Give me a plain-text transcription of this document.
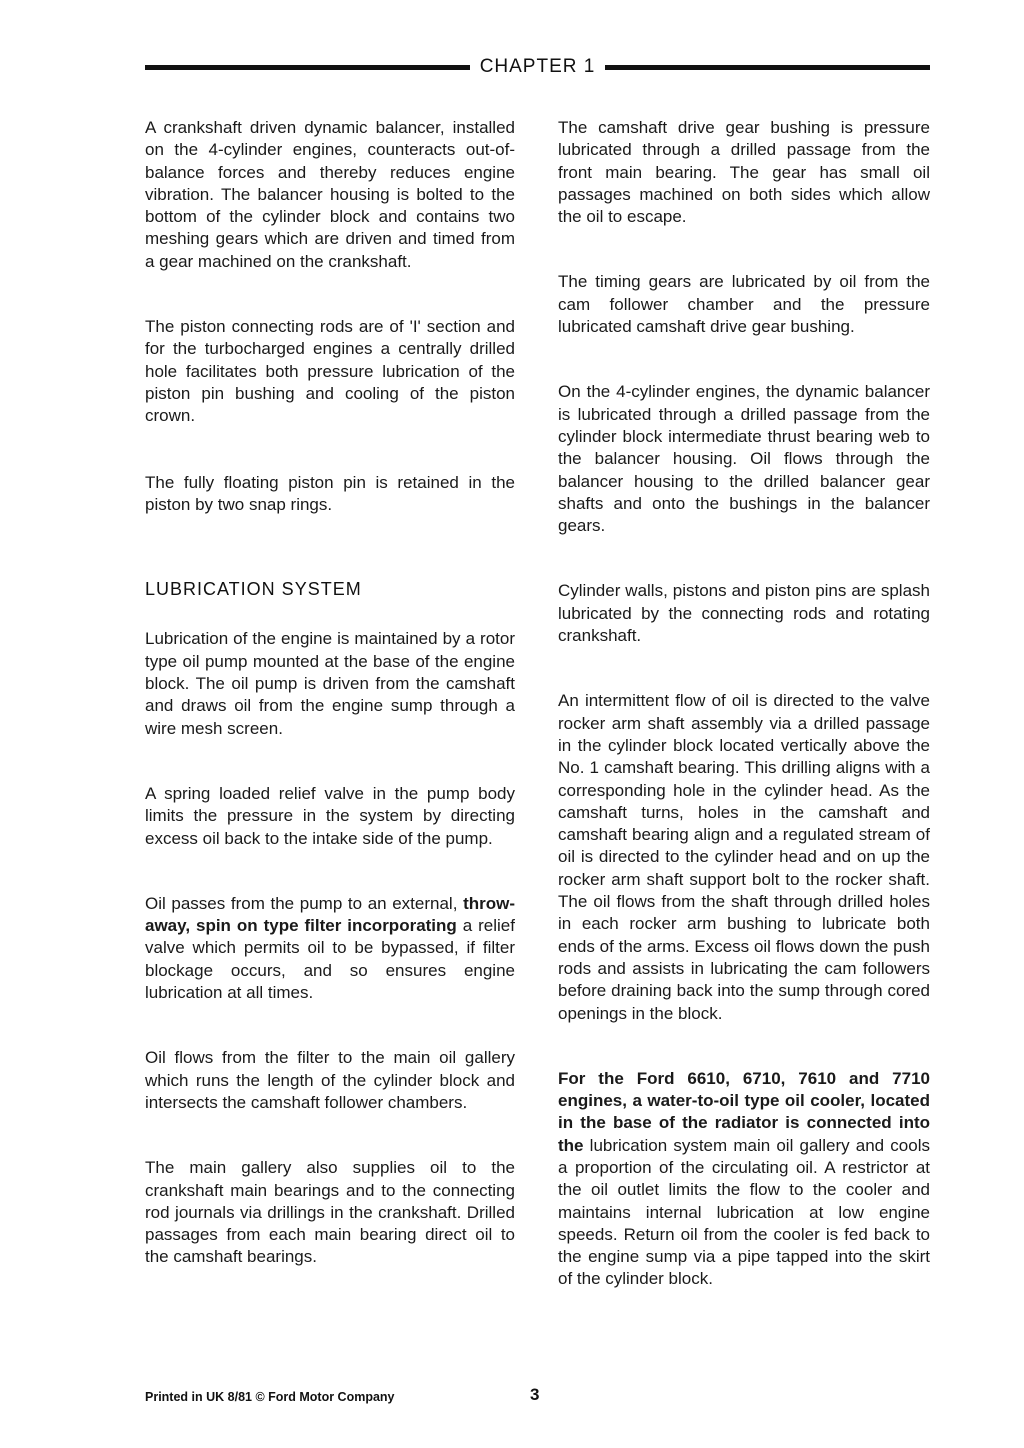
CHAPTER 1

A crankshaft driven dynamic balancer, installed on the 4-cylinder engines, counteracts out-of-balance forces and thereby reduces engine vibration. The balancer housing is bolted to the bottom of the cylinder block and contains two meshing gears which are driven and timed from a gear machined on the crankshaft.

The piston connecting rods are of 'I' section and for the turbocharged engines a centrally drilled hole facilitates both pressure lubrication of the piston pin bushing and cooling of the piston crown.

The fully floating piston pin is retained in the piston by two snap rings.

LUBRICATION SYSTEM

Lubrication of the engine is maintained by a rotor type oil pump mounted at the base of the engine block. The oil pump is driven from the camshaft and draws oil from the engine sump through a wire mesh screen.

A spring loaded relief valve in the pump body limits the pressure in the system by directing excess oil back to the intake side of the pump.

Oil passes from the pump to an external, throw-away, spin on type filter incorporating a relief valve which permits oil to be bypassed, if filter blockage occurs, and so ensures engine lubrication at all times.

Oil flows from the filter to the main oil gallery which runs the length of the cylinder block and intersects the camshaft follower chambers.

The main gallery also supplies oil to the crankshaft main bearings and to the connecting rod journals via drillings in the crankshaft. Drilled passages from each main bearing direct oil to the camshaft bearings.

The camshaft drive gear bushing is pressure lubricated through a drilled passage from the front main bearing. The gear has small oil passages machined on both sides which allow the oil to escape.

The timing gears are lubricated by oil from the cam follower chamber and the pressure lubricated camshaft drive gear bushing.

On the 4-cylinder engines, the dynamic balancer is lubricated through a drilled passage from the cylinder block intermediate thrust bearing web to the balancer housing. Oil flows through the balancer housing to the drilled balancer gear shafts and onto the bushings in the balancer gears.

Cylinder walls, pistons and piston pins are splash lubricated by the connecting rods and rotating crankshaft.

An intermittent flow of oil is directed to the valve rocker arm shaft assembly via a drilled passage in the cylinder block located vertically above the No. 1 camshaft bearing. This drilling aligns with a corresponding hole in the cylinder head. As the camshaft turns, holes in the camshaft and camshaft bearing align and a regulated stream of oil is directed to the cylinder head and on up the rocker arm shaft support bolt to the rocker shaft. The oil flows from the shaft through drilled holes in each rocker arm bushing to lubricate both ends of the arms. Excess oil flows down the push rods and assists in lubricating the cam followers before draining back into the sump through cored openings in the block.

For the Ford 6610, 6710, 7610 and 7710 engines, a water-to-oil type oil cooler, located in the base of the radiator is connected into the lubrication system main oil gallery and cools a proportion of the circulating oil. A restrictor at the oil outlet limits the flow to the cooler and maintains internal lubrication at low engine speeds. Return oil from the cooler is fed back to the engine sump via a pipe tapped into the skirt of the cylinder block.

Printed in UK 8/81 © Ford Motor Company	3
